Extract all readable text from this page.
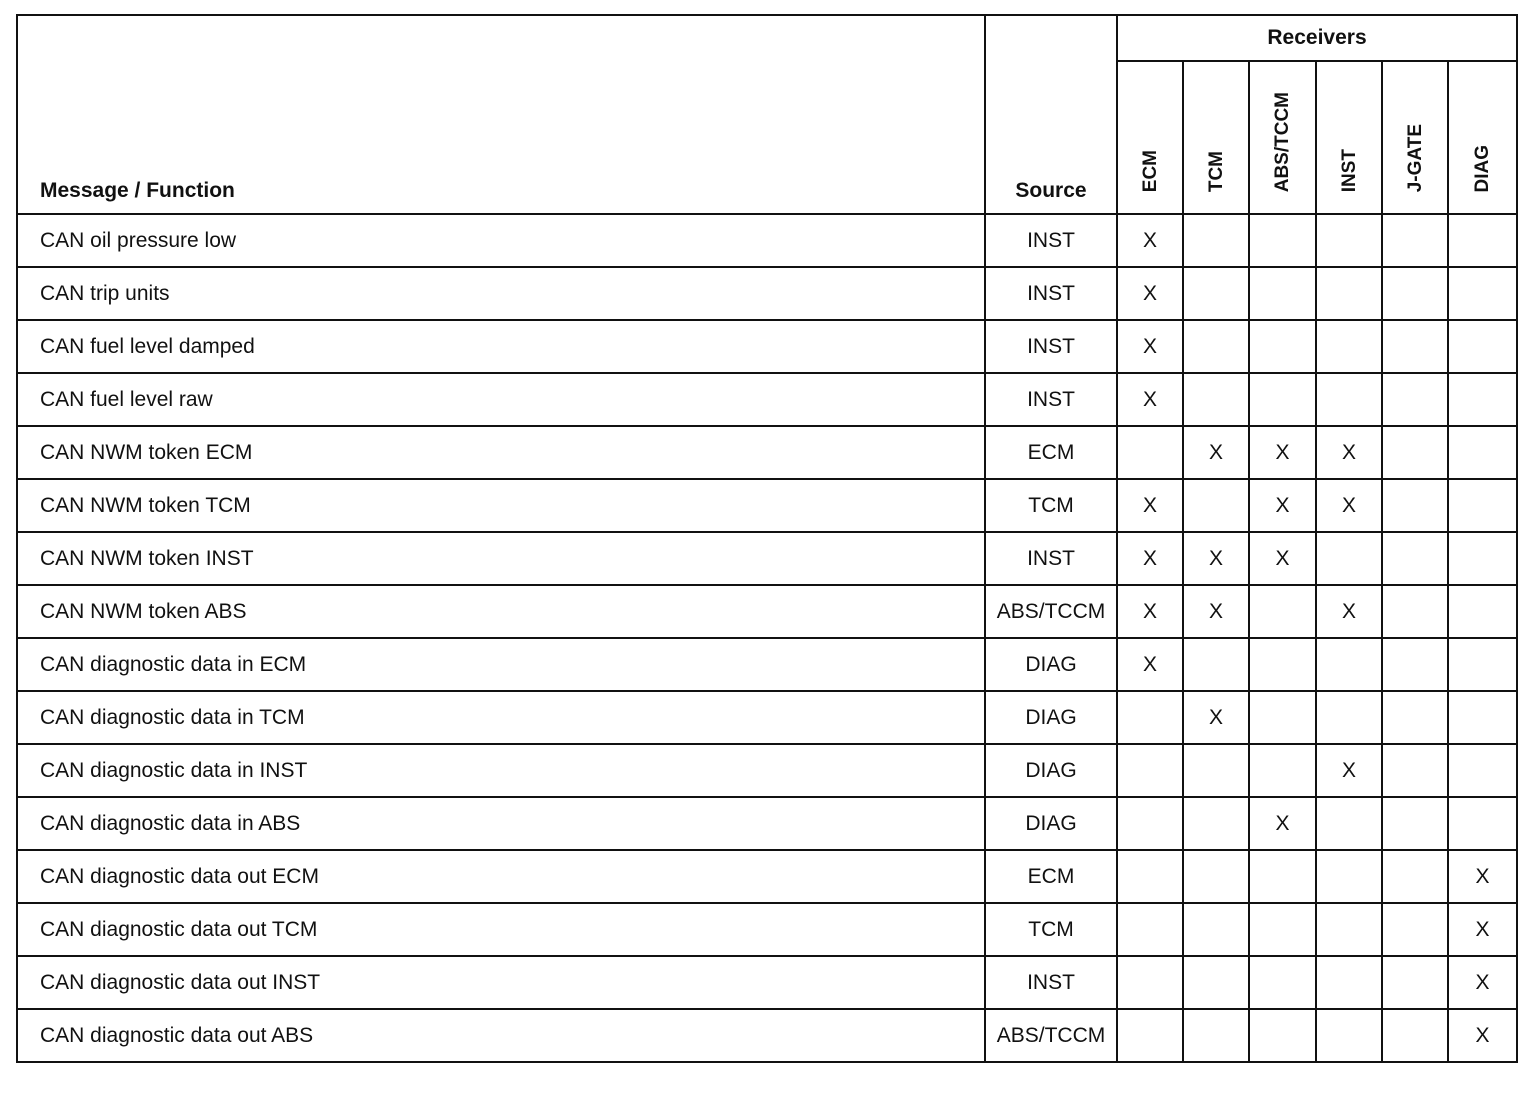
Message / Function	Source	Receivers					
		ECM	TCM	ABS/TCCM	INST	J-GATE	DIAG
CAN oil pressure low	INST	X					
CAN trip units	INST	X					
CAN fuel level damped	INST	X					
CAN fuel level raw	INST	X					
CAN NWM token ECM	ECM		X	X	X		
CAN NWM token TCM	TCM	X		X	X		
CAN NWM token INST	INST	X	X	X			
CAN NWM token ABS	ABS/TCCM	X	X		X		
CAN diagnostic data in ECM	DIAG	X					
CAN diagnostic data in TCM	DIAG		X				
CAN diagnostic data in INST	DIAG				X		
CAN diagnostic data in ABS	DIAG			X			
CAN diagnostic data out ECM	ECM						X
CAN diagnostic data out TCM	TCM						X
CAN diagnostic data out INST	INST						X
CAN diagnostic data out ABS	ABS/TCCM						X
